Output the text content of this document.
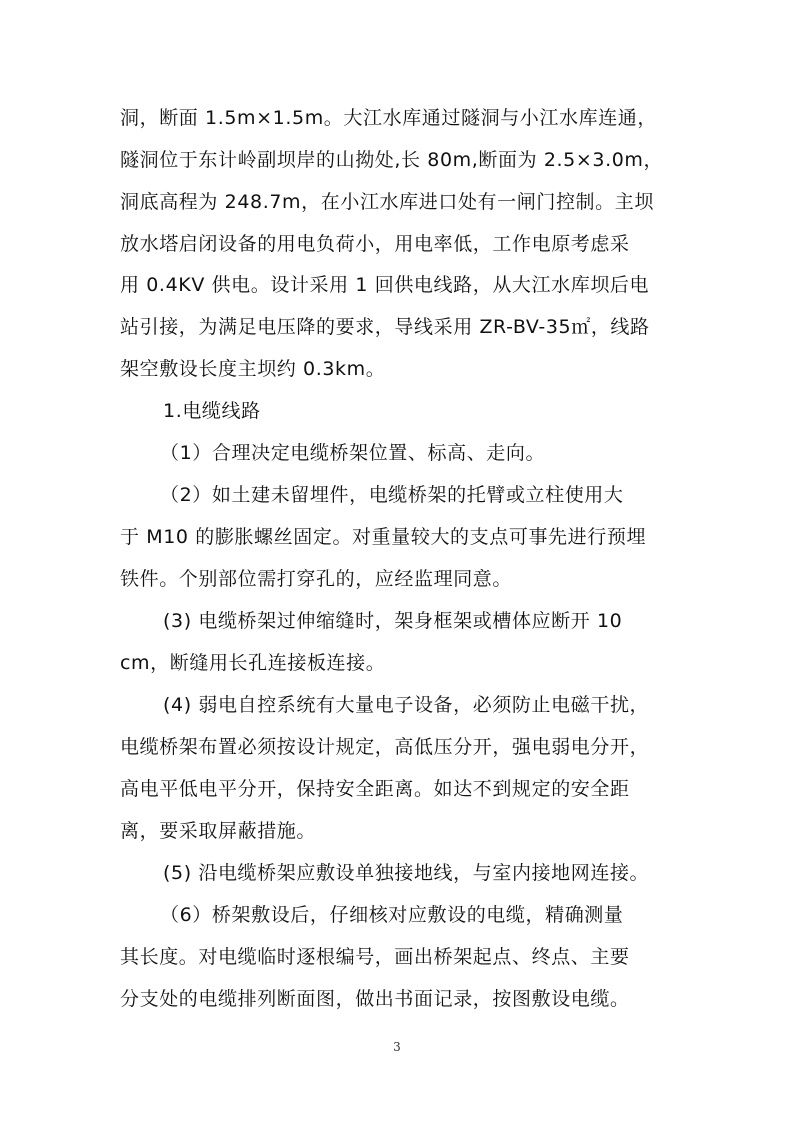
洞，断面 1.5m×1.5m。大江水库通过隧洞与小江水库连通，
隧洞位于东计岭副坝岸的山拗处,长 80m,断面为 2.5×3.0m，
洞底高程为 248.7m，在小江水库进口处有一闸门控制。主坝
放水塔启闭设备的用电负荷小，用电率低，工作电原考虑采
用 0.4KV 供电。设计采用 1 回供电线路，从大江水库坝后电
站引接，为满足电压降的要求，导线采用 ZR-BV-35㎡，线路
架空敷设长度主坝约 0.3km。
1.电缆线路
（1）合理决定电缆桥架位置、标高、走向。
（2）如土建未留埋件，电缆桥架的托臂或立柱使用大
于 M10 的膨胀螺丝固定。对重量较大的支点可事先进行预埋
铁件。个别部位需打穿孔的，应经监理同意。
(3) 电缆桥架过伸缩缝时，架身框架或槽体应断开 10
cm，断缝用长孔连接板连接。
(4) 弱电自控系统有大量电子设备，必须防止电磁干扰，
电缆桥架布置必须按设计规定，高低压分开，强电弱电分开，
高电平低电平分开，保持安全距离。如达不到规定的安全距
离，要采取屏蔽措施。
(5) 沿电缆桥架应敷设单独接地线，与室内接地网连接。
（6）桥架敷设后，仔细核对应敷设的电缆，精确测量
其长度。对电缆临时逐根编号，画出桥架起点、终点、主要
分支处的电缆排列断面图，做出书面记录，按图敷设电缆。
3
